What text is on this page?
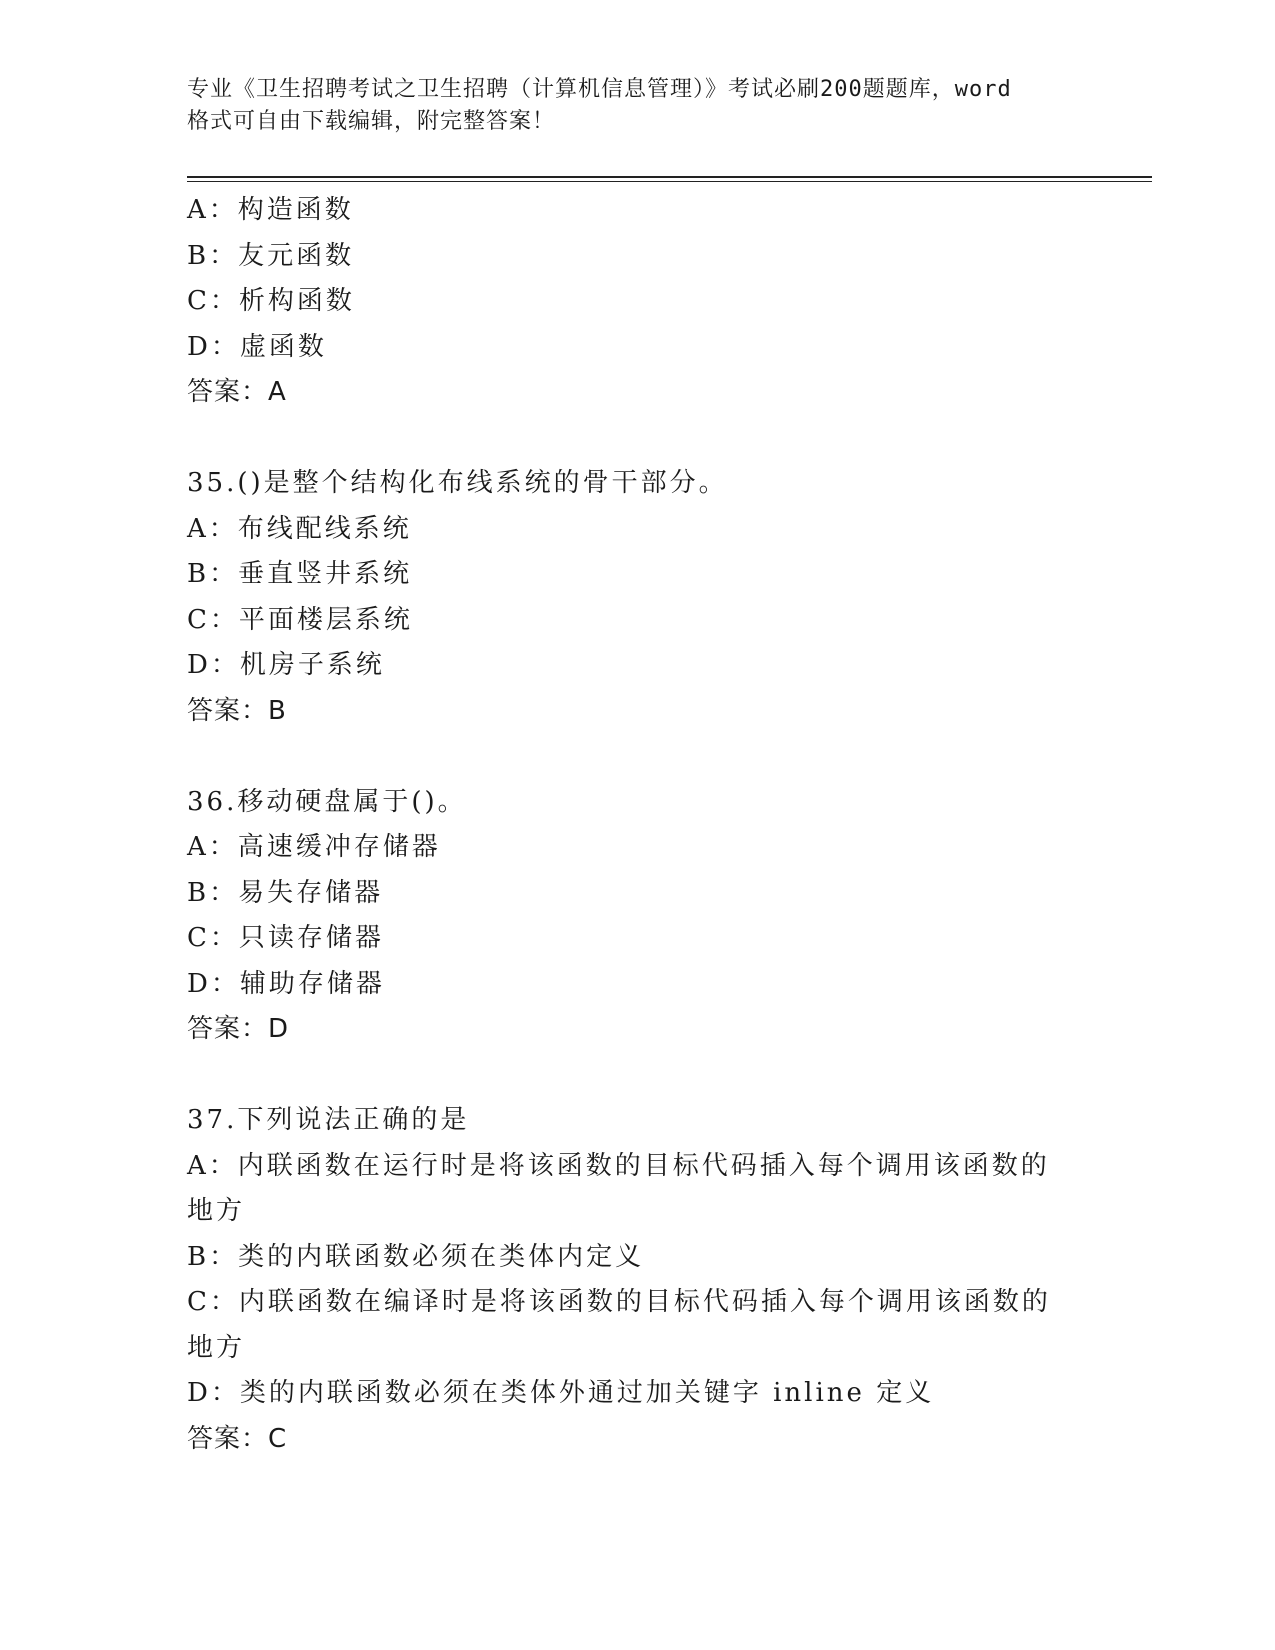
专业《卫生招聘考试之卫生招聘（计算机信息管理）》考试必刷200题题库，word
格式可自由下载编辑，附完整答案！
A：构造函数
B：友元函数
C：析构函数
D：虚函数
答案：A
35.()是整个结构化布线系统的骨干部分。
A：布线配线系统
B：垂直竖井系统
C：平面楼层系统
D：机房子系统
答案：B
36.移动硬盘属于()。
A：高速缓冲存储器
B：易失存储器
C：只读存储器
D：辅助存储器
答案：D
37.下列说法正确的是
A：内联函数在运行时是将该函数的目标代码插入每个调用该函数的地方
B：类的内联函数必须在类体内定义
C：内联函数在编译时是将该函数的目标代码插入每个调用该函数的地方
D：类的内联函数必须在类体外通过加关键字 inline 定义
答案：C
